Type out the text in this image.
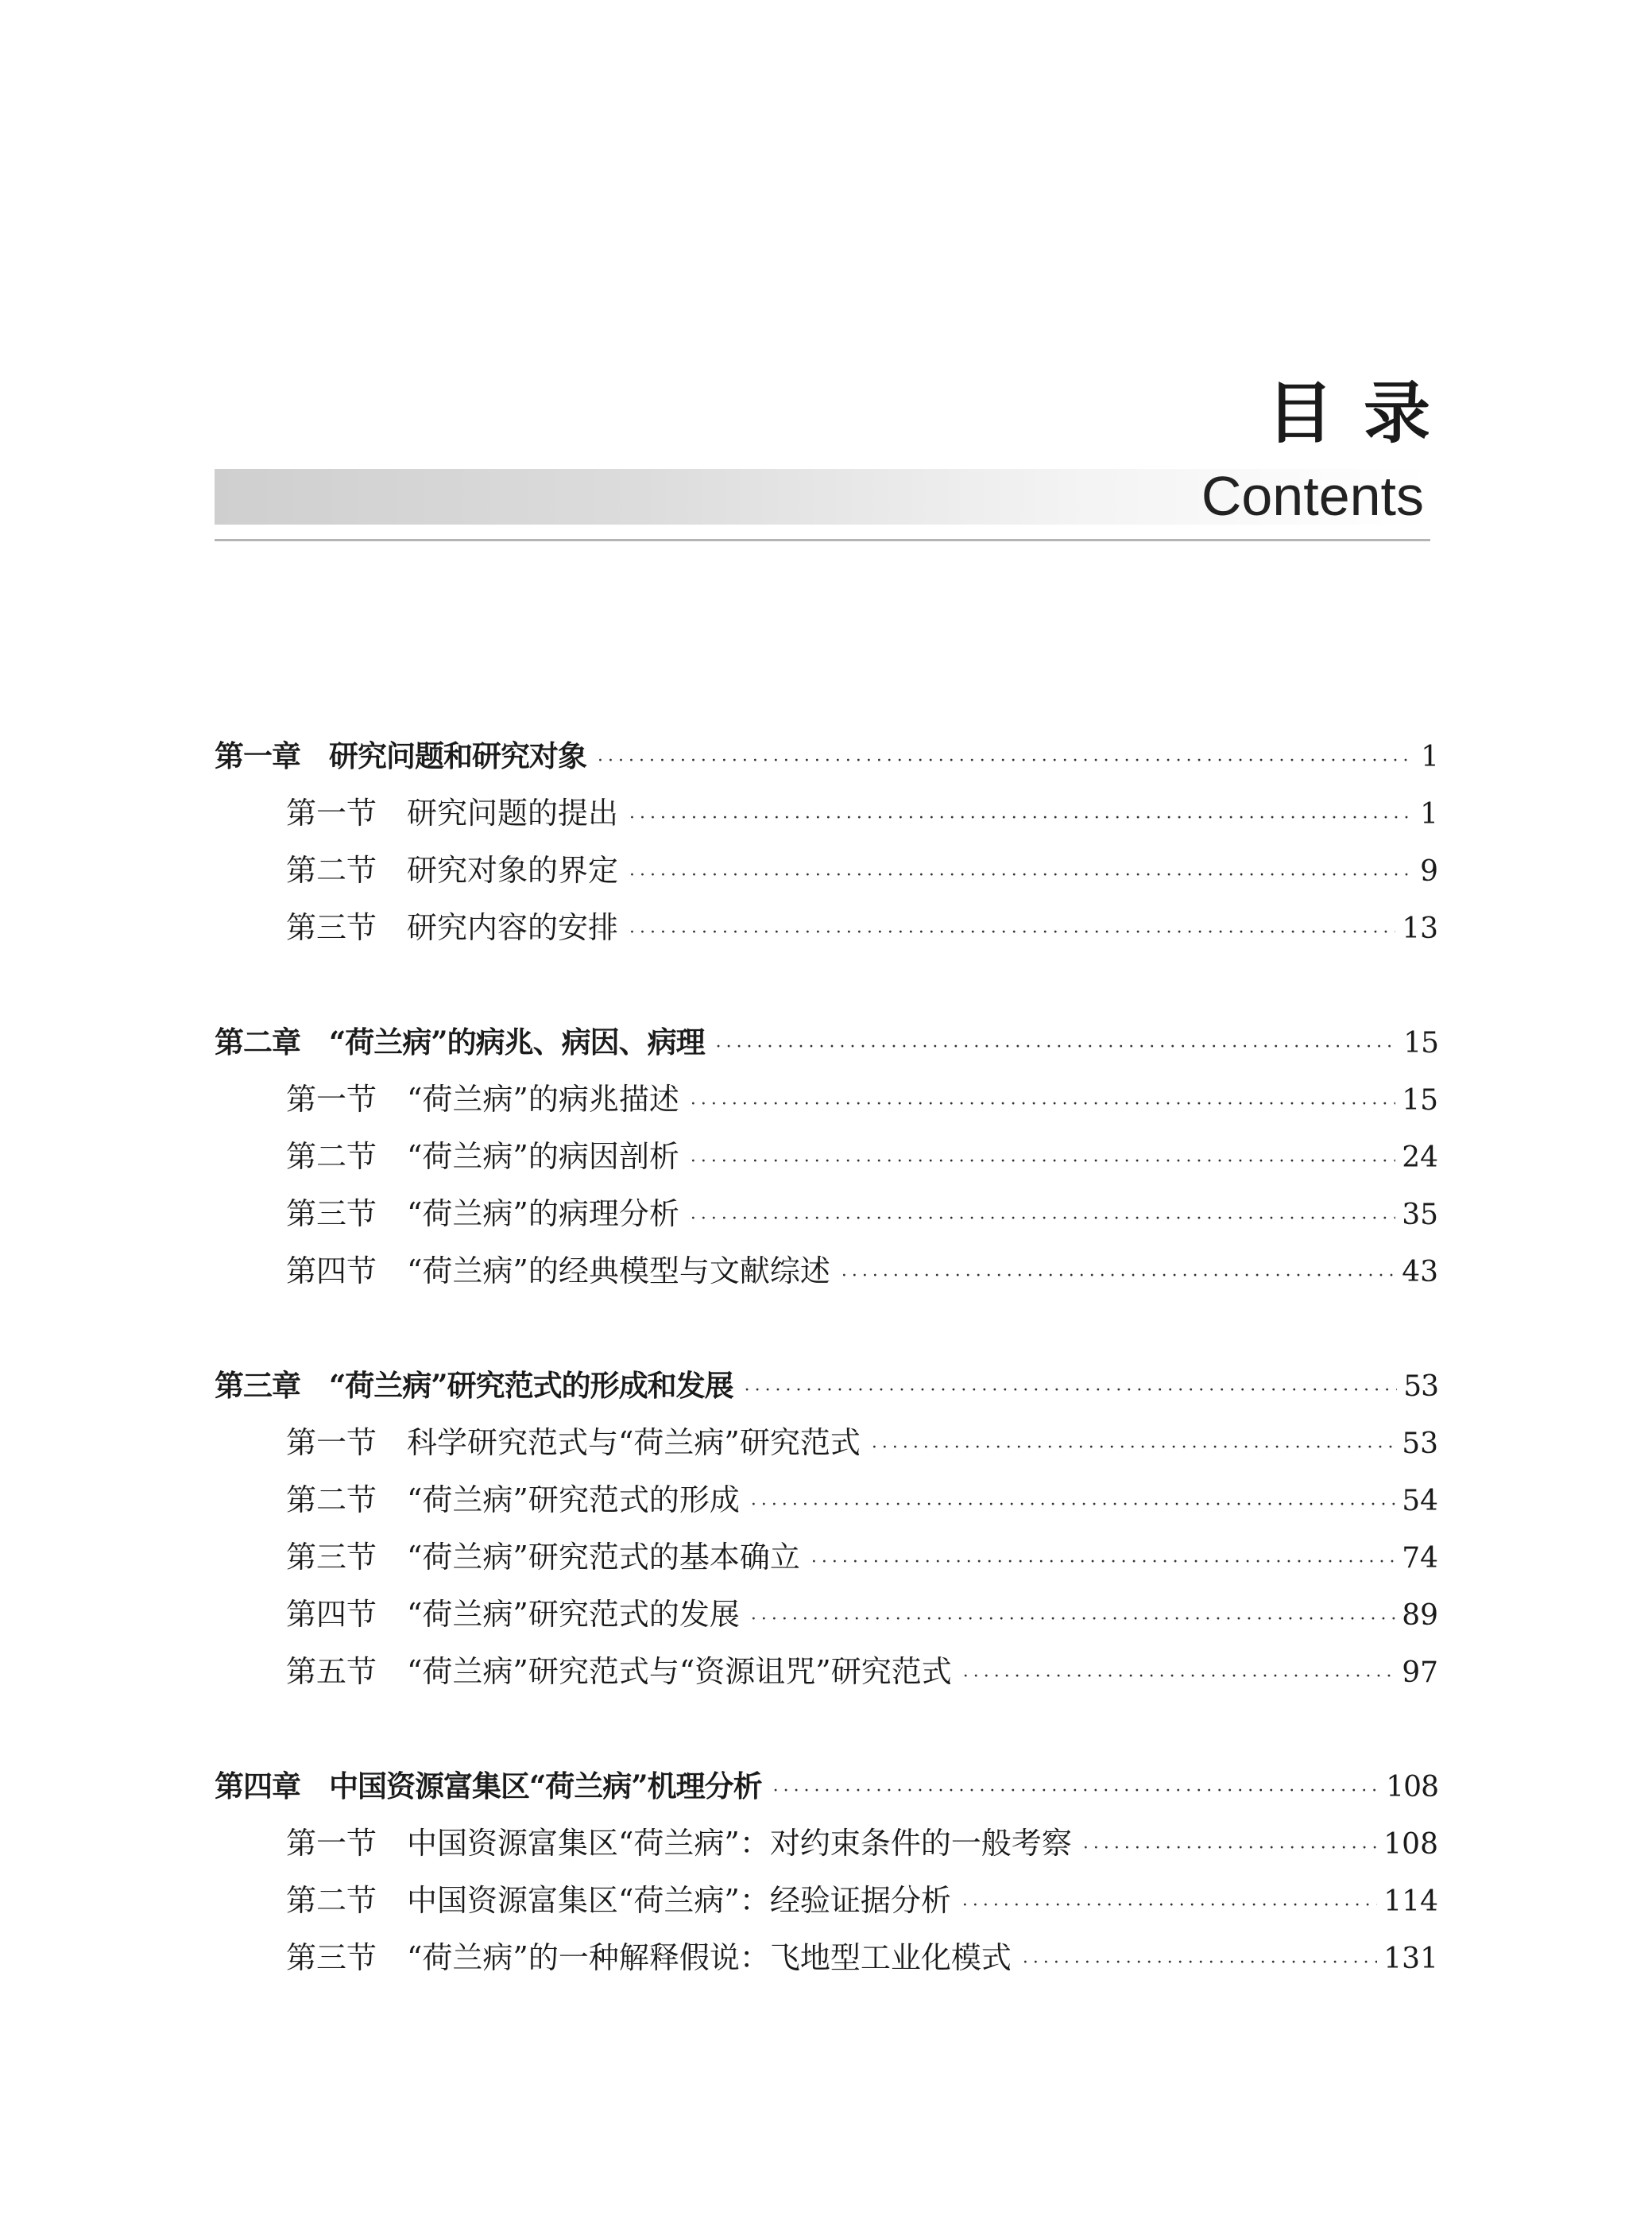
目录
Contents
第一章　研究问题和研究对象 ·····	1
第一节　研究问题的提出 ·····	1
第二节　研究对象的界定 ·····	9
第三节　研究内容的安排 ·····	13
第二章　“荷兰病”的病兆、病因、病理 ·····	15
第一节　“荷兰病”的病兆描述 ·····	15
第二节　“荷兰病”的病因剖析 ·····	24
第三节　“荷兰病”的病理分析 ·····	35
第四节　“荷兰病”的经典模型与文献综述 ·····	43
第三章　“荷兰病”研究范式的形成和发展 ·····	53
第一节　科学研究范式与“荷兰病”研究范式 ·····	53
第二节　“荷兰病”研究范式的形成 ·····	54
第三节　“荷兰病”研究范式的基本确立 ·····	74
第四节　“荷兰病”研究范式的发展 ·····	89
第五节　“荷兰病”研究范式与“资源诅咒”研究范式 ·····	97
第四章　中国资源富集区“荷兰病”机理分析 ·····	108
第一节　中国资源富集区“荷兰病”：对约束条件的一般考察 ·····	108
第二节　中国资源富集区“荷兰病”：经验证据分析 ·····	114
第三节　“荷兰病”的一种解释假说：飞地型工业化模式 ·····	131
